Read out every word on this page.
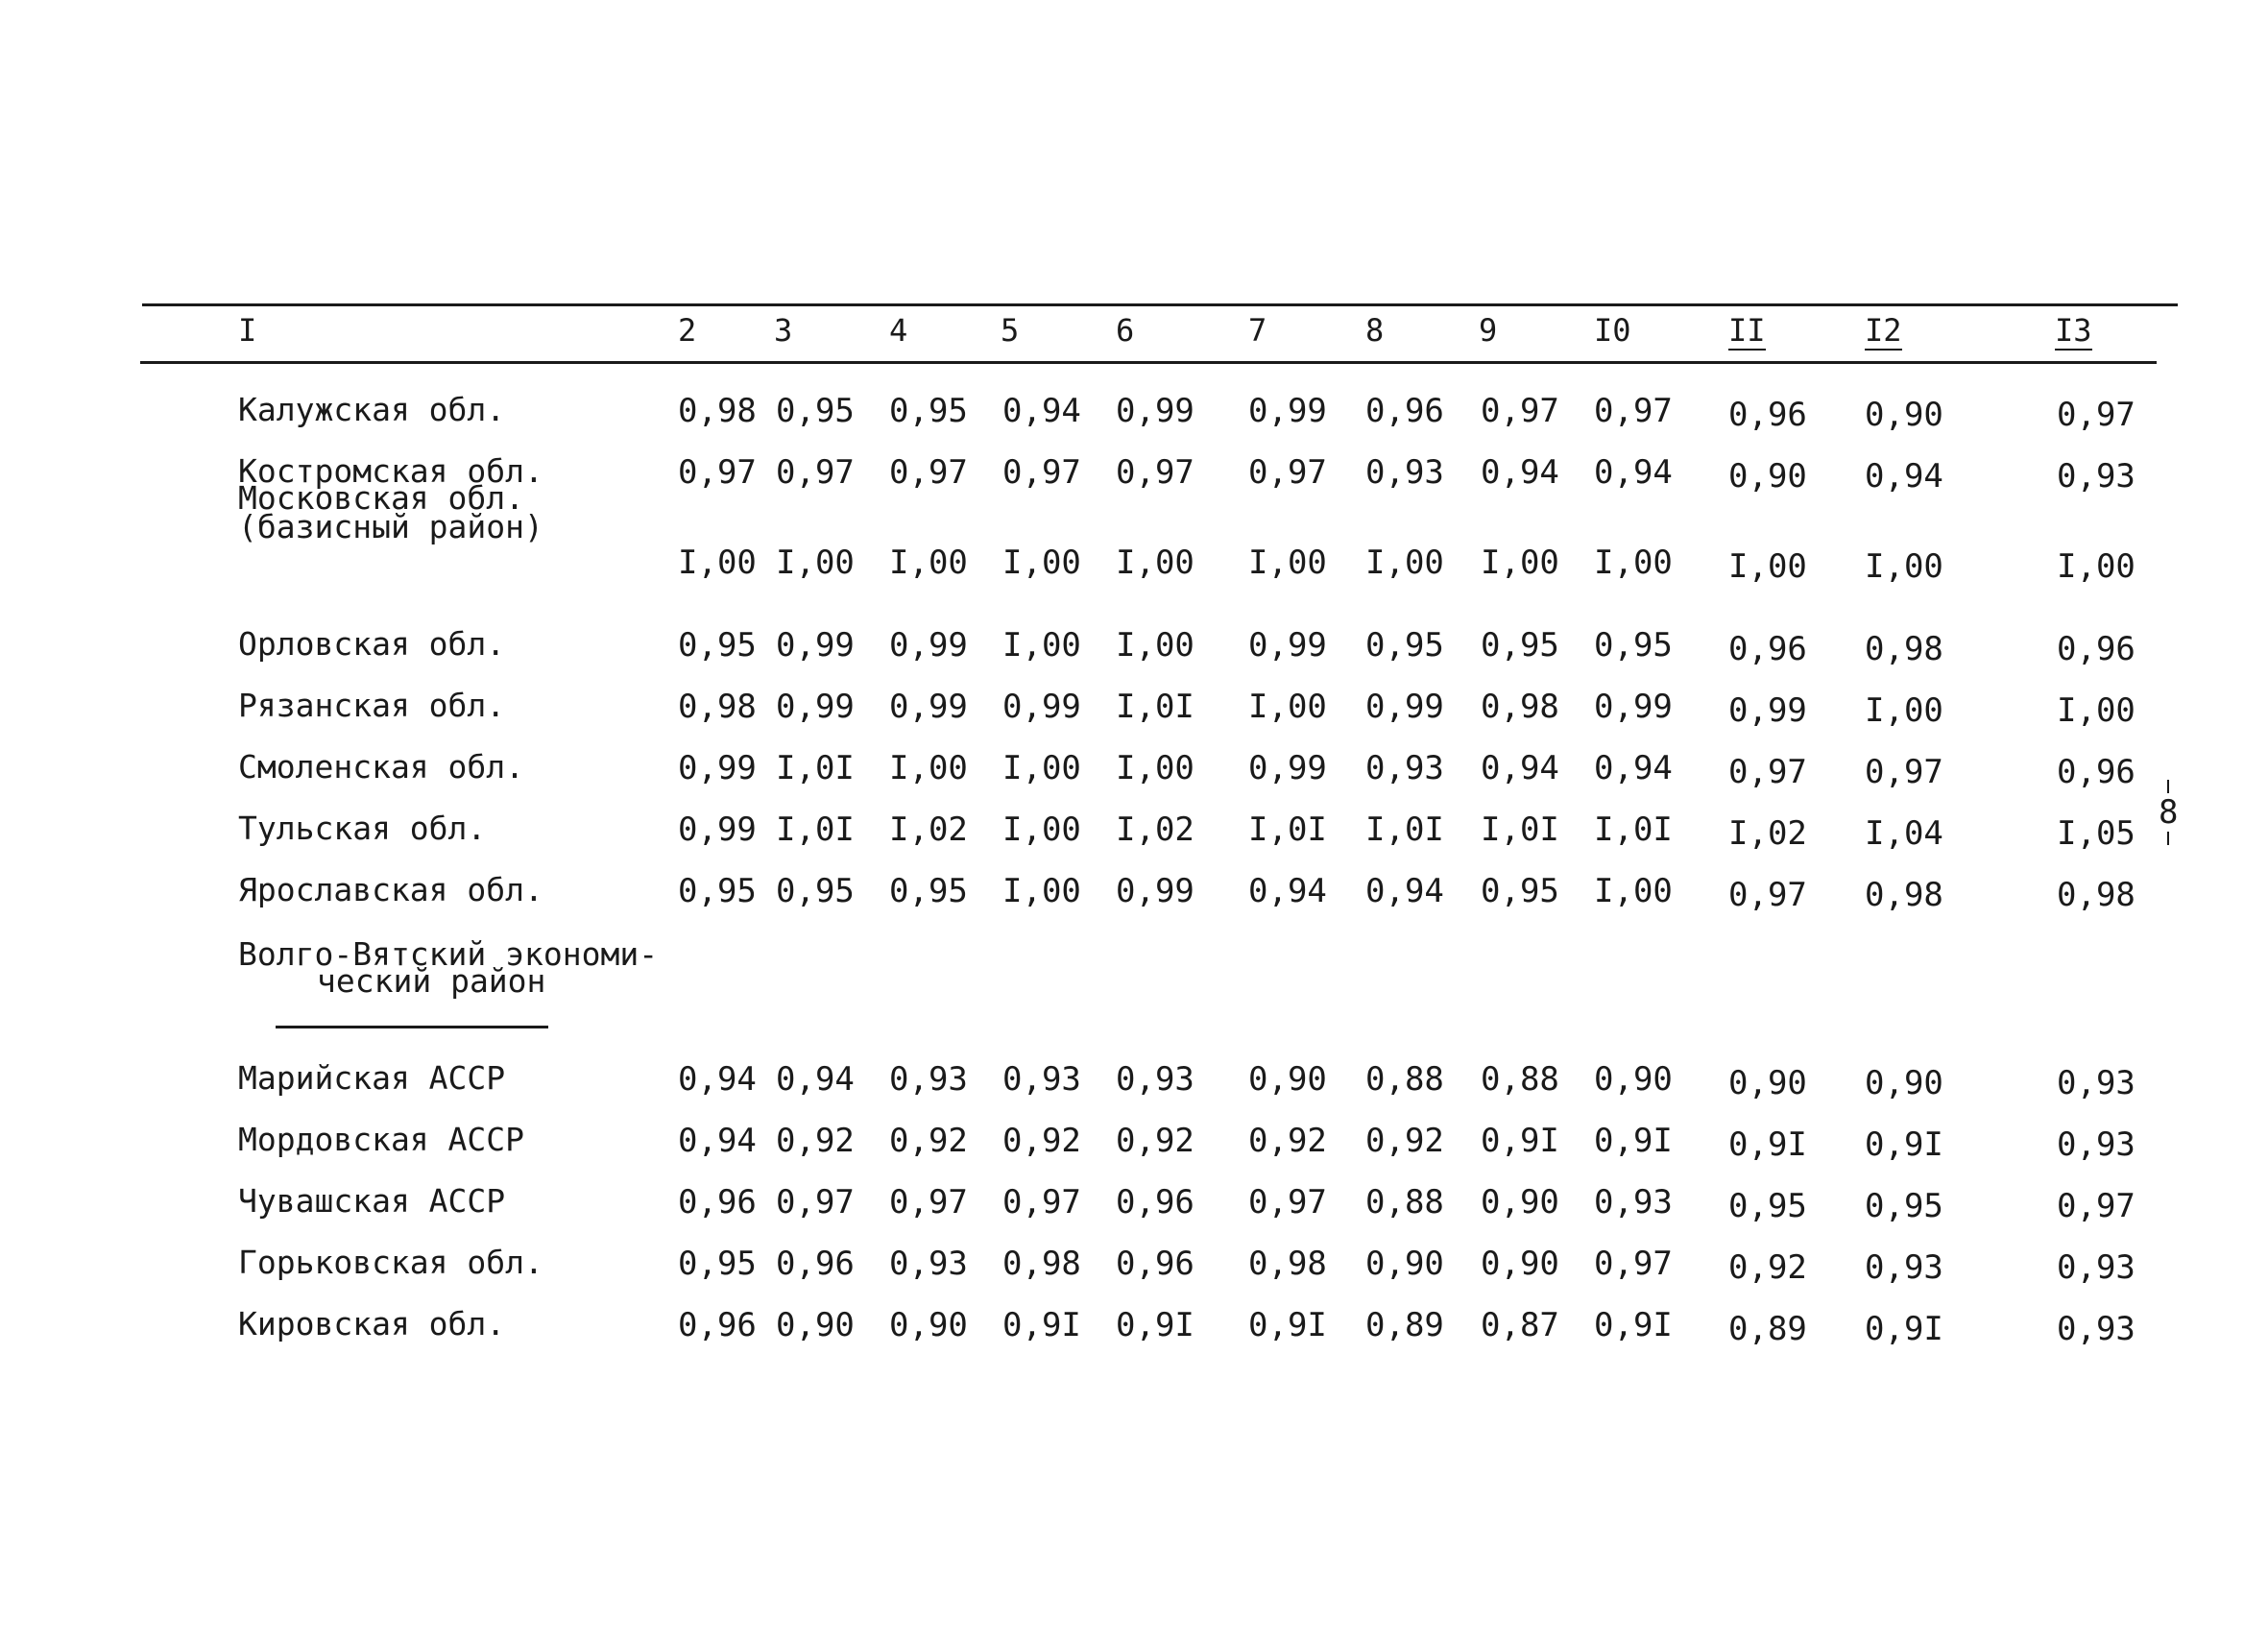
I	2	3	4	5	6	7	8	9	I0	II	I2	I3
Калужская обл.	0,98 0,95 0,95 0,94 0,99 0,99 0,96 0,97 0,97 0,96 0,90	0,97
Костромская обл.	0,97 0,97 0,97 0,97 0,97 0,97 0,93 0,94 0,94 0,90 0,94	0,93
Московская обл.
(базисный район)
I,00 I,00 I,00 I,00 I,00 I,00 I,00 I,00 I,00 I,00 I,00	I,00
Орловская обл.	0,95 0,99 0,99 I,00 I,00 0,99 0,95 0,95 0,95 0,96 0,98	0,96
Рязанская обл.	0,98 0,99 0,99 0,99 I,0I I,00 0,99 0,98 0,99 0,99 I,00	I,00
Смоленская обл.	0,99 I,0I I,00 I,00 I,00 0,99 0,93 0,94 0,94 0,97 0,97	0,96
Тульская обл.	0,99 I,0I I,02 I,00 I,02 I,0I I,0I I,0I I,0I I,02 I,04	I,05
Ярославская обл.	0,95 0,95 0,95 I,00 0,99 0,94 0,94 0,95 I,00 0,97 0,98	0,98
Марийская АССР	0,94 0,94 0,93 0,93 0,93 0,90 0,88 0,88 0,90 0,90 0,90	0,93
Мордовская АССР	0,94 0,92 0,92 0,92 0,92 0,92 0,92 0,9I 0,9I 0,9I 0,9I	0,93
Чувашская АССР	0,96 0,97 0,97 0,97 0,96 0,97 0,88 0,90 0,93 0,95 0,95	0,97
Горьковская обл.	0,95 0,96 0,93 0,98 0,96 0,98 0,90 0,90 0,97 0,92 0,93	0,93
Кировская обл.	0,96 0,90 0,90 0,9I 0,9I 0,9I 0,89 0,87 0,9I 0,89 0,9I	0,93
Волго-Вятский экономи-
ческий район
8
